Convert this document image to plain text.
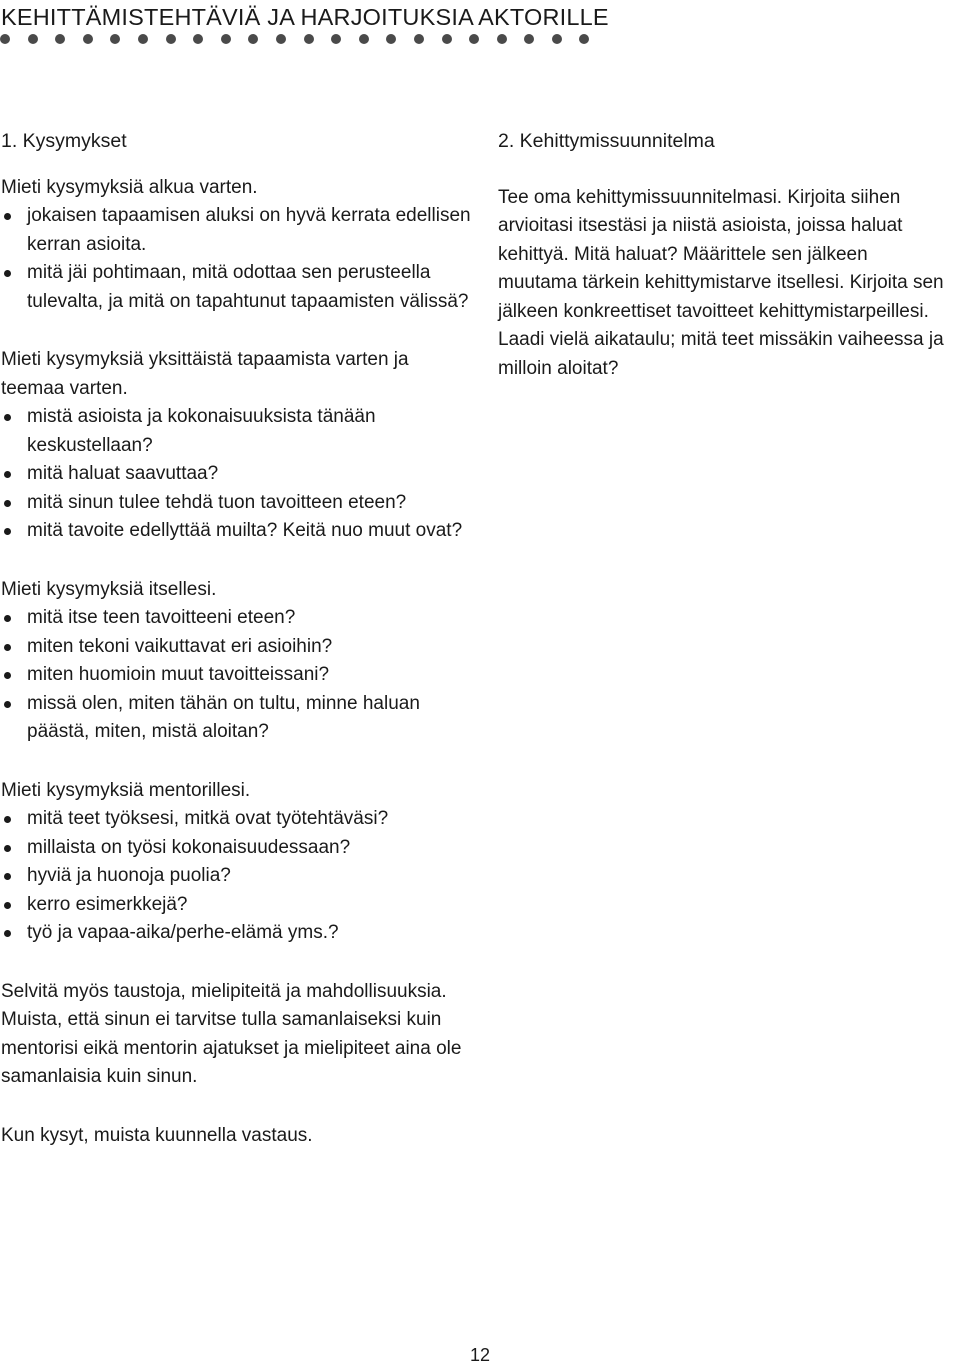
KEHITTÄMISTEHTÄVIÄ JA HARJOITUKSIA AKTORILLE
1. Kysymykset

Mieti kysymyksiä alkua varten.

jokaisen tapaamisen aluksi on hyvä kerrata edellisen kerran asioita.
mitä jäi pohtimaan, mitä odottaa sen perusteella tulevalta, ja mitä on tapahtunut tapaamisten välissä?

Mieti kysymyksiä yksittäistä tapaamista varten ja teemaa varten.

mistä asioista ja kokonaisuuksista tänään keskustellaan?
mitä haluat saavuttaa?
mitä sinun tulee tehdä tuon tavoitteen eteen?
mitä tavoite edellyttää muilta? Keitä nuo muut ovat?

Mieti kysymyksiä itsellesi.

mitä itse teen tavoitteeni eteen?
miten tekoni vaikuttavat eri asioihin?
miten huomioin muut tavoitteissani?
missä olen, miten tähän on tultu, minne haluan päästä, miten, mistä aloitan?

Mieti kysymyksiä mentorillesi.

mitä teet työksesi, mitkä ovat työtehtäväsi?
millaista on työsi kokonaisuudessaan?
hyviä ja huonoja puolia?
kerro esimerkkejä?
työ ja vapaa-aika/perhe-elämä yms.?

Selvitä myös taustoja, mielipiteitä ja mahdollisuuksia. Muista, että sinun ei tarvitse tulla samanlaiseksi kuin mentorisi eikä mentorin ajatukset ja mielipiteet aina ole samanlaisia kuin sinun.

Kun kysyt, muista kuunnella vastaus.

2. Kehittymissuunnitelma

Tee oma kehittymissuunnitelmasi. Kirjoita siihen arvioitasi itsestäsi ja niistä asioista, joissa haluat kehittyä. Mitä haluat? Määrittele sen jälkeen muutama tärkein kehittymistarve itsellesi. Kirjoita sen jälkeen konkreettiset tavoitteet kehittymistarpeillesi. Laadi vielä aikataulu; mitä teet missäkin vaiheessa ja milloin aloitat?

12
